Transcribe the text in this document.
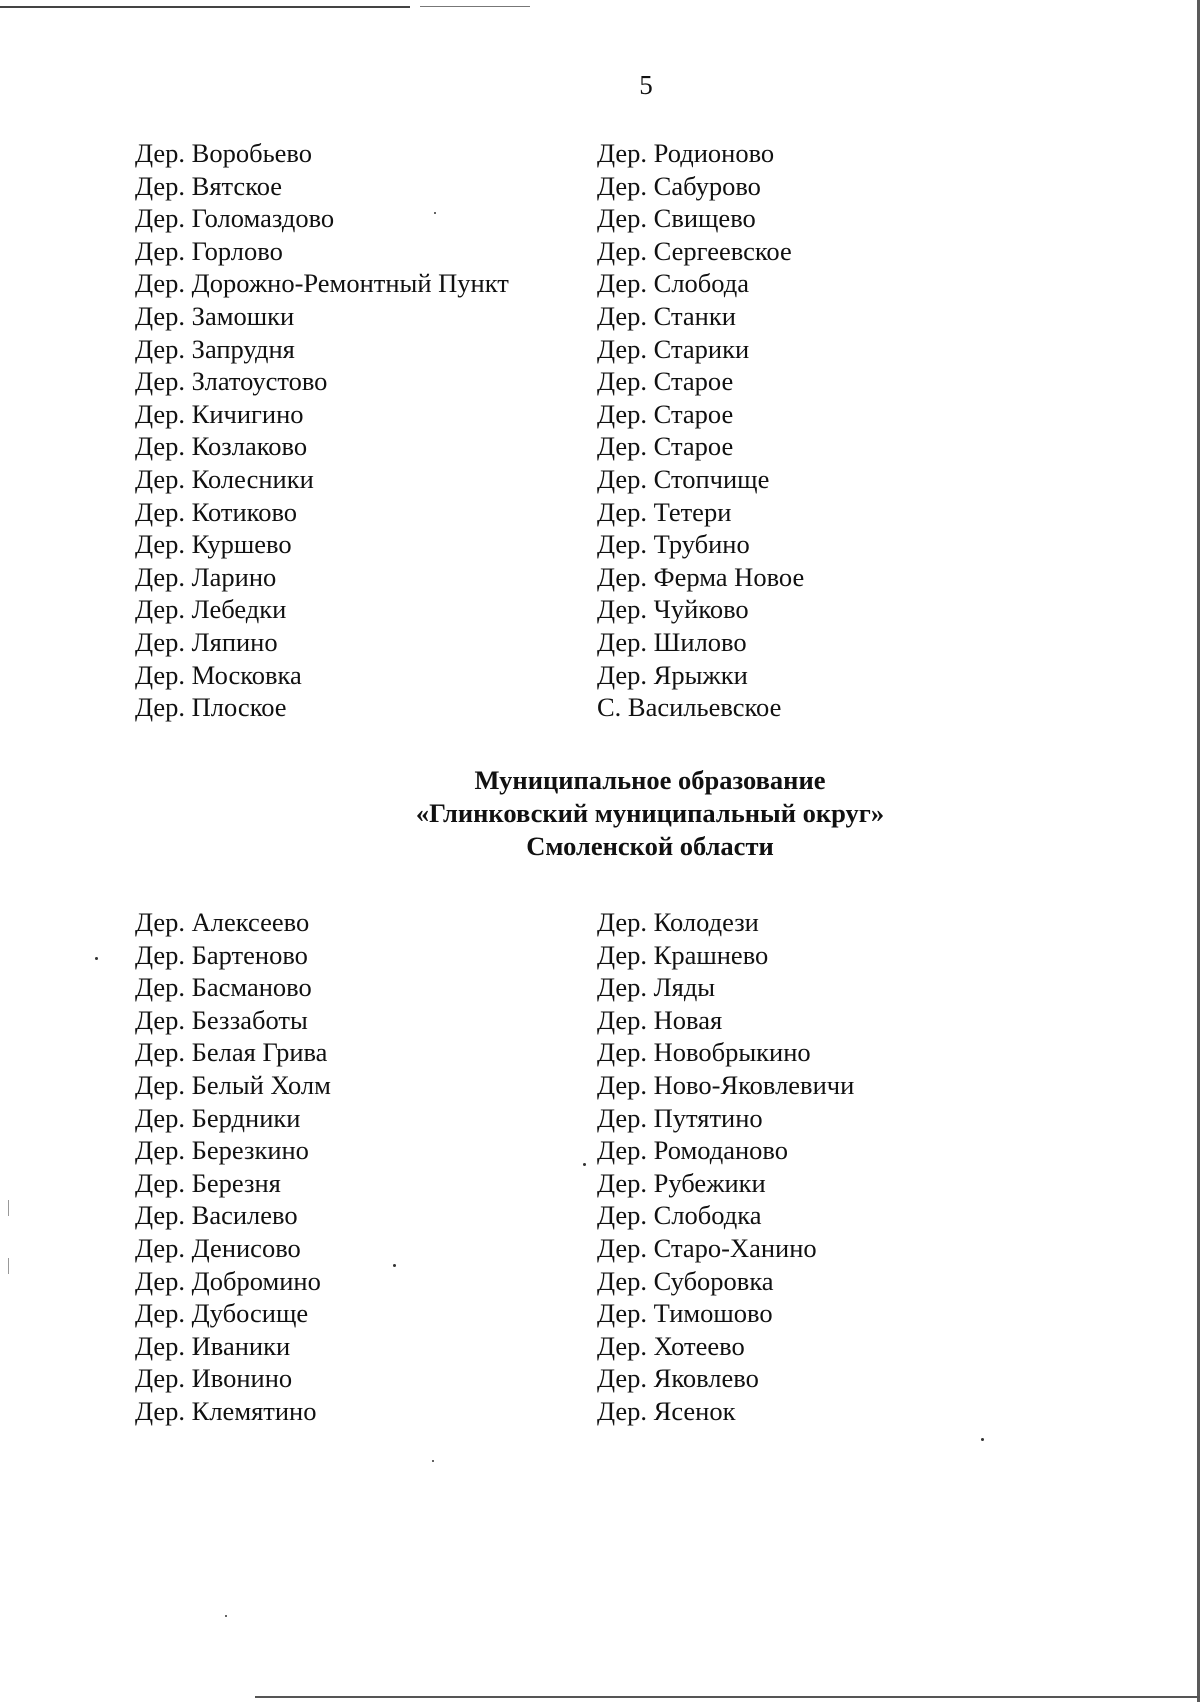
5
Дер. Воробьево
Дер. Вятское
Дер. Голомаздово
Дер. Горлово
Дер. Дорожно-Ремонтный Пункт
Дер. Замошки
Дер. Запрудня
Дер. Златоустово
Дер. Кичигино
Дер. Козлаково
Дер. Колесники
Дер. Котиково
Дер. Куршево
Дер. Ларино
Дер. Лебедки
Дер. Ляпино
Дер. Московка
Дер. Плоское
Дер. Родионово
Дер. Сабурово
Дер. Свищево
Дер. Сергеевское
Дер. Слобода
Дер. Станки
Дер. Старики
Дер. Старое
Дер. Старое
Дер. Старое
Дер. Стопчище
Дер. Тетери
Дер. Трубино
Дер. Ферма Новое
Дер. Чуйково
Дер. Шилово
Дер. Ярыжки
С. Васильевское
Муниципальное образование
«Глинковский муниципальный округ»
Смоленской области
Дер. Алексеево
Дер. Бартеново
Дер. Басманово
Дер. Беззаботы
Дер. Белая Грива
Дер. Белый Холм
Дер. Бердники
Дер. Березкино
Дер. Березня
Дер. Василево
Дер. Денисово
Дер. Добромино
Дер. Дубосище
Дер. Иваники
Дер. Ивонино
Дер. Клемятино
Дер. Колодези
Дер. Крашнево
Дер. Ляды
Дер. Новая
Дер. Новобрыкино
Дер. Ново-Яковлевичи
Дер. Путятино
Дер. Ромоданово
Дер. Рубежики
Дер. Слободка
Дер. Старо-Ханино
Дер. Суборовка
Дер. Тимошово
Дер. Хотеево
Дер. Яковлево
Дер. Ясенок
